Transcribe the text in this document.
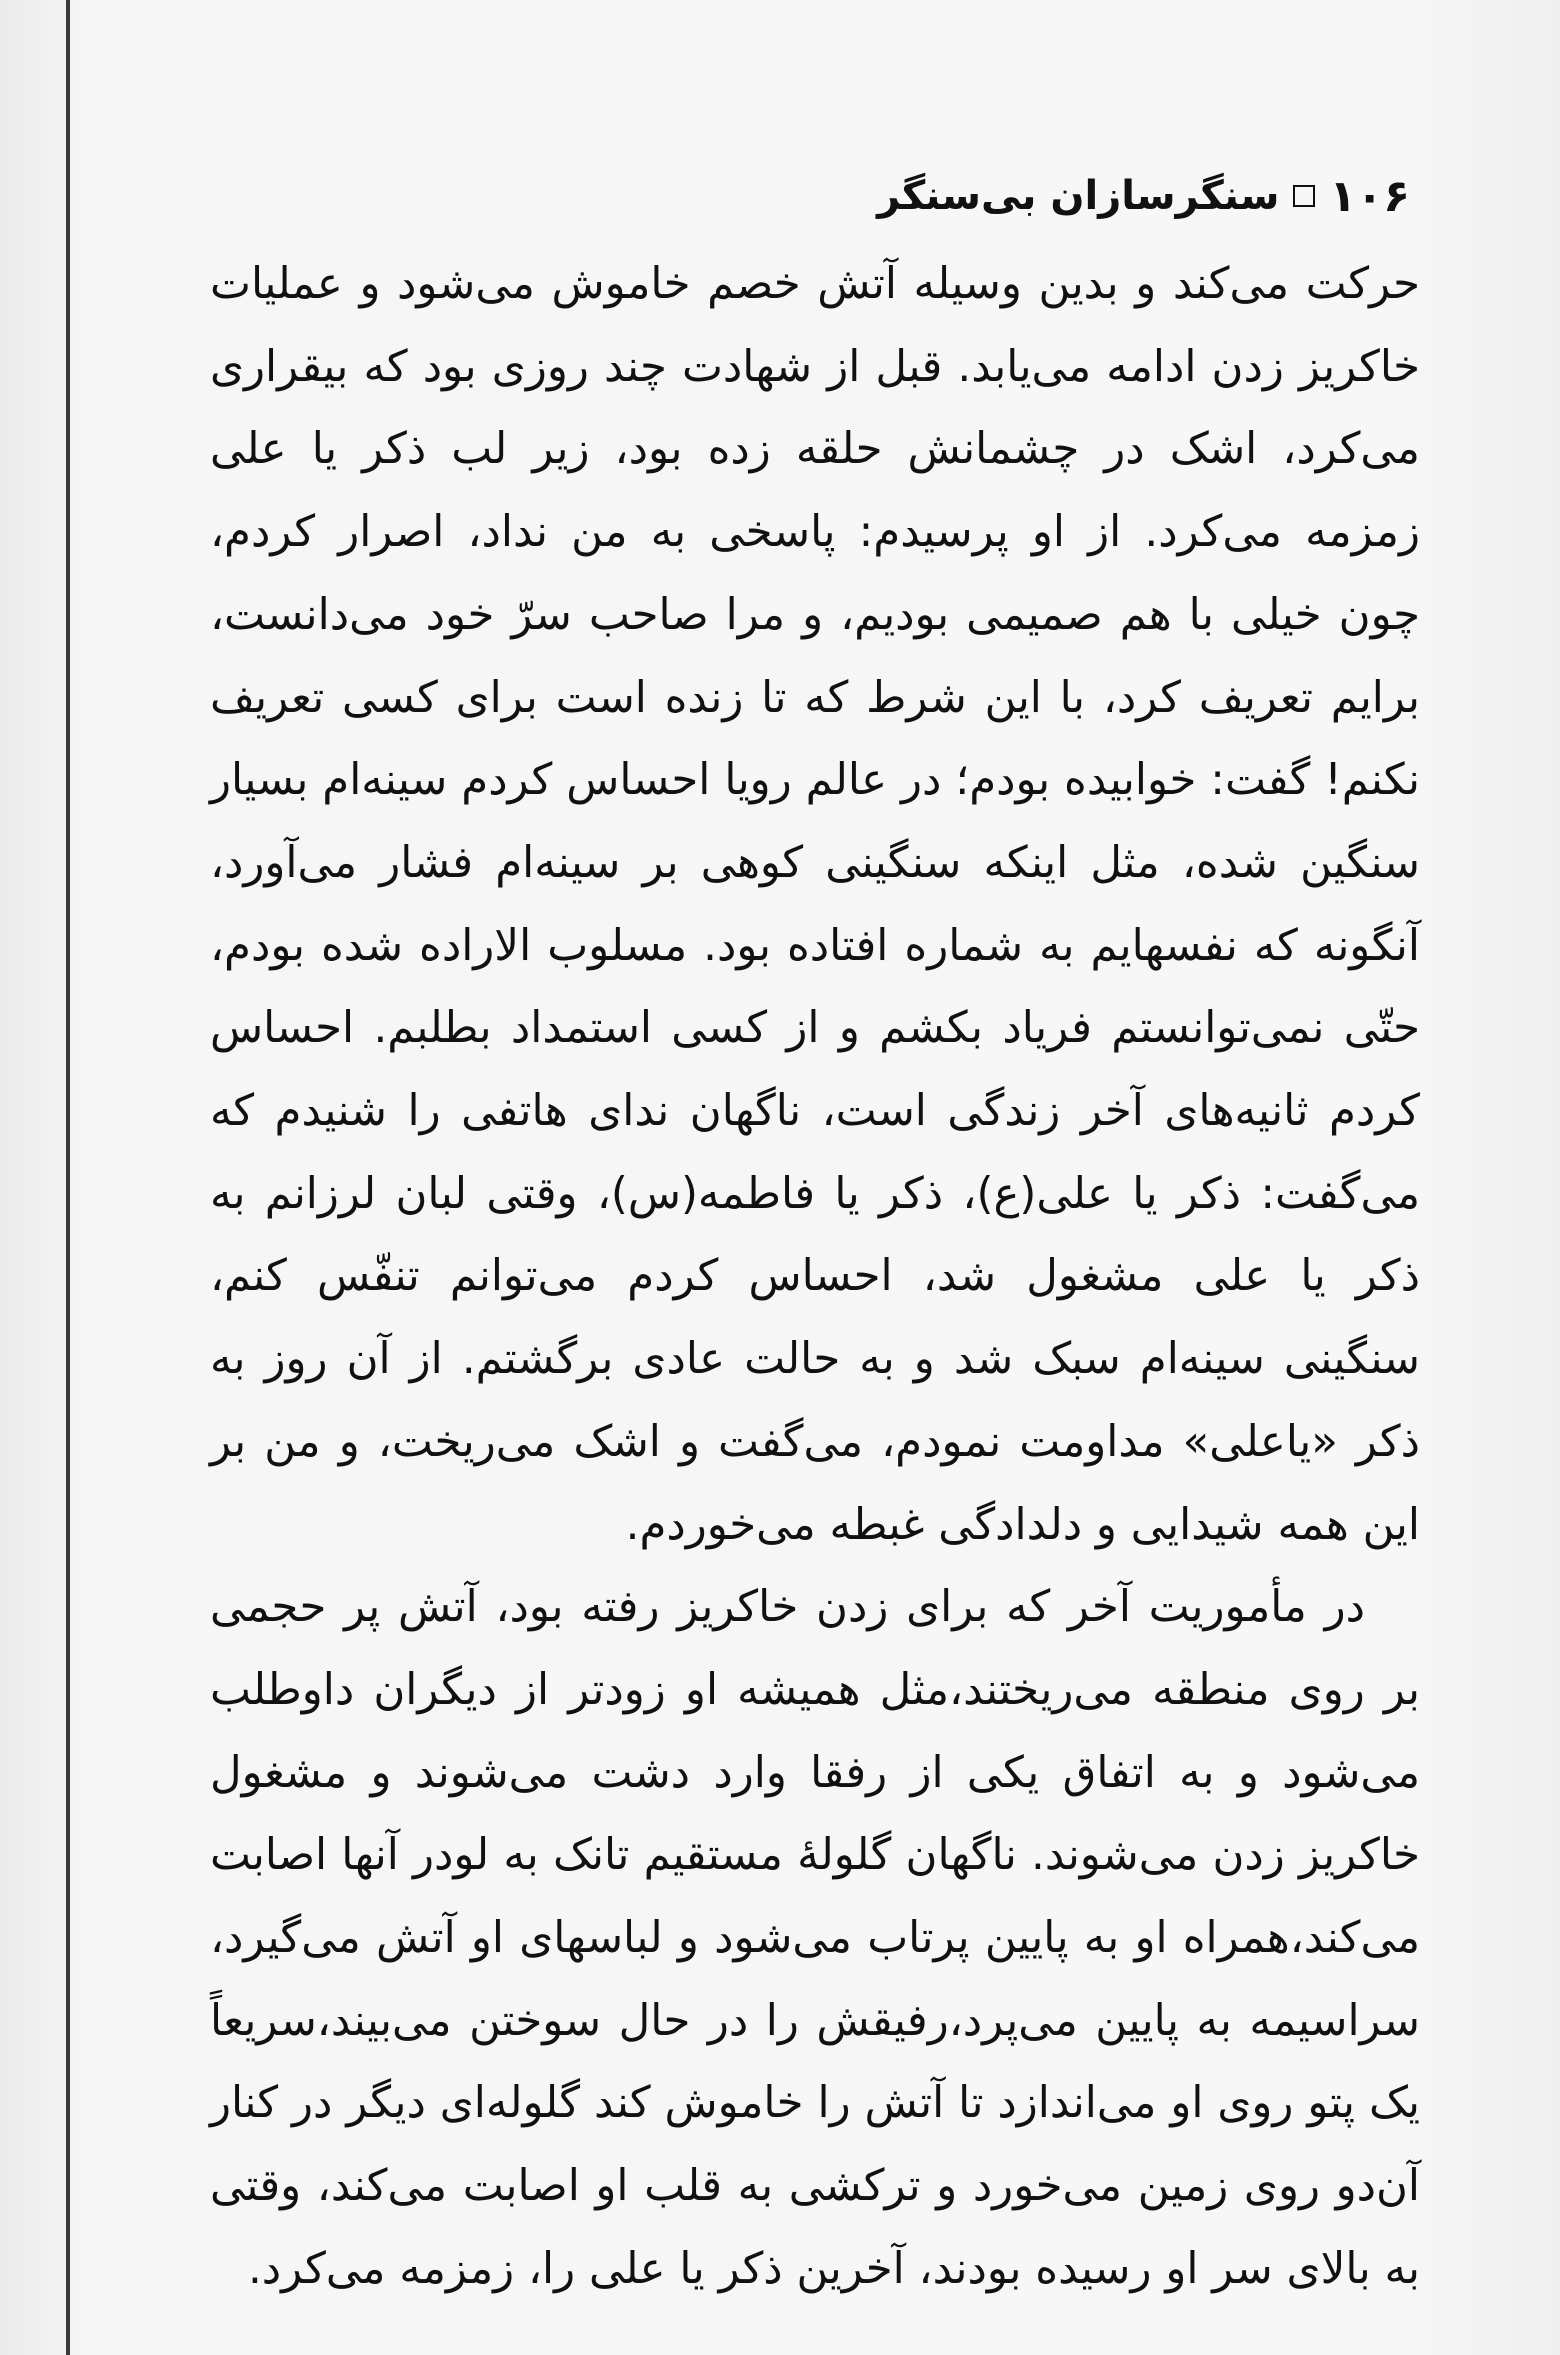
۱۰۶
سنگرسازان بی‌سنگر

حرکت می‌کند و بدین وسیله آتش خصم خاموش می‌شود و عملیات خاکریز زدن ادامه می‌یابد. قبل از شهادت چند روزی بود که بیقراری می‌کرد، اشک در چشمانش حلقه زده بود، زیر لب ذکر یا علی زمزمه می‌کرد. از او پرسیدم: پاسخی به من نداد، اصرار کردم، چون خیلی با هم صمیمی بودیم، و مرا صاحب سرّ خود می‌دانست، برایم تعریف کرد، با این شرط که تا زنده است برای کسی تعریف نکنم! گفت: خوابیده بودم؛ در عالم رویا احساس کردم سینه‌ام بسیار سنگین شده، مثل اینکه سنگینی کوهی بر سینه‌ام فشار می‌آورد، آنگونه که نفسهایم به شماره افتاده بود. مسلوب الاراده شده بودم، حتّی نمی‌توانستم فریاد بکشم و از کسی استمداد بطلبم. احساس کردم ثانیه‌های آخر زندگی است، ناگهان ندای هاتفی را شنیدم که می‌گفت: ذکر یا علی(ع)، ذکر یا فاطمه(س)، وقتی لبان لرزانم به ذکر یا علی مشغول شد، احساس کردم می‌توانم تنفّس کنم، سنگینی سینه‌ام سبک شد و به حالت عادی برگشتم. از آن روز به ذکر «یاعلی» مداومت نمودم، می‌گفت و اشک می‌ریخت، و من بر این همه شیدایی و دلدادگی غبطه می‌خوردم.

در مأموریت آخر که برای زدن خاکریز رفته بود، آتش پر حجمی بر روی منطقه می‌ریختند،مثل همیشه او زودتر از دیگران داوطلب می‌شود و به اتفاق یکی از رفقا وارد دشت می‌شوند و مشغول خاکریز زدن می‌شوند. ناگهان گلولهٔ مستقیم تانک به لودر آنها اصابت می‌کند،همراه او به پایین پرتاب می‌شود و لباسهای او آتش می‌گیرد، سراسیمه به پایین می‌پرد،رفیقش را در حال سوختن می‌بیند،سریعاً یک پتو روی او می‌اندازد تا آتش را خاموش کند گلوله‌ای دیگر در کنار آن‌دو روی زمین می‌خورد و ترکشی به قلب او اصابت می‌کند، وقتی به بالای سر او رسیده بودند، آخرین ذکر یا علی را، زمزمه می‌کرد.
